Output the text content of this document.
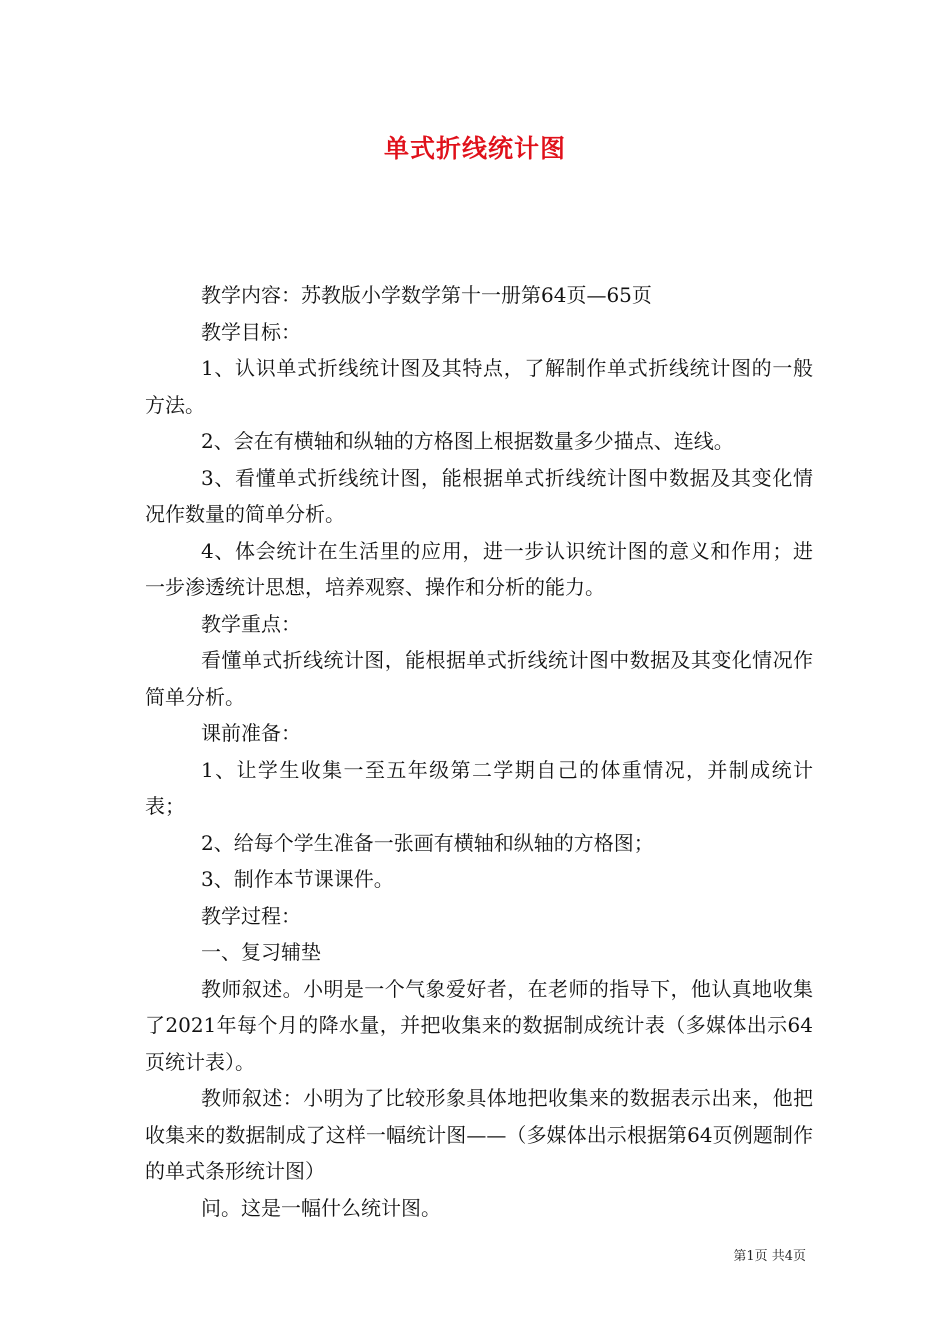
单式折线统计图

教学内容：苏教版小学数学第十一册第64页—65页

教学目标：

1、认识单式折线统计图及其特点，了解制作单式折线统计图的一般方法。

2、会在有横轴和纵轴的方格图上根据数量多少描点、连线。

3、看懂单式折线统计图，能根据单式折线统计图中数据及其变化情况作数量的简单分析。

4、体会统计在生活里的应用，进一步认识统计图的意义和作用；进一步渗透统计思想，培养观察、操作和分析的能力。

教学重点：

看懂单式折线统计图，能根据单式折线统计图中数据及其变化情况作简单分析。

课前准备：

1、让学生收集一至五年级第二学期自己的体重情况，并制成统计表；

2、给每个学生准备一张画有横轴和纵轴的方格图；

3、制作本节课课件。

教学过程：

一、复习辅垫

教师叙述。小明是一个气象爱好者，在老师的指导下，他认真地收集了2021年每个月的降水量，并把收集来的数据制成统计表（多媒体出示64页统计表）。

教师叙述：小明为了比较形象具体地把收集来的数据表示出来，他把收集来的数据制成了这样一幅统计图——（多媒体出示根据第64页例题制作的单式条形统计图）

问。这是一幅什么统计图。

第1页 共4页
